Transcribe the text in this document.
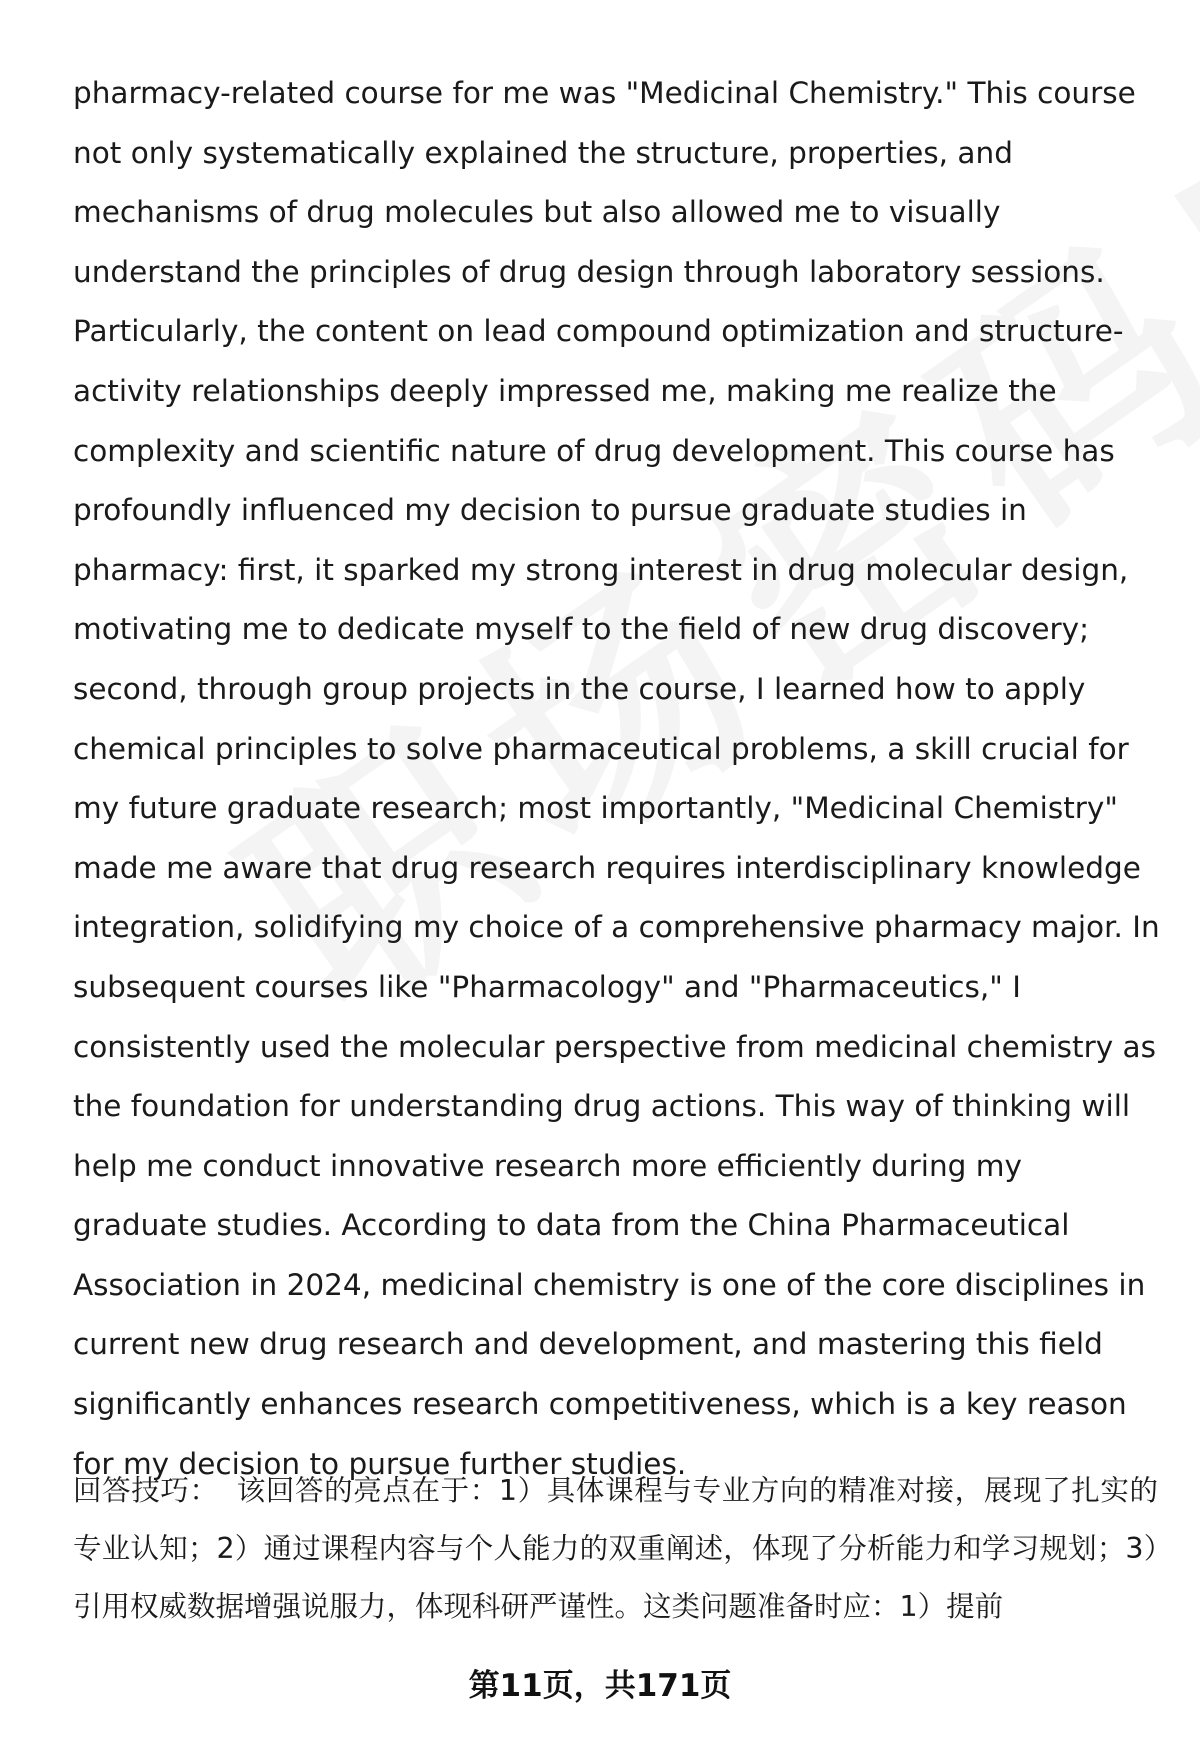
pharmacy-related course for me was "Medicinal Chemistry." This course not only systematically explained the structure, properties, and mechanisms of drug molecules but also allowed me to visually understand the principles of drug design through laboratory sessions. Particularly, the content on lead compound optimization and structure-activity relationships deeply impressed me, making me realize the complexity and scientific nature of drug development. This course has profoundly influenced my decision to pursue graduate studies in pharmacy: first, it sparked my strong interest in drug molecular design, motivating me to dedicate myself to the field of new drug discovery; second, through group projects in the course, I learned how to apply chemical principles to solve pharmaceutical problems, a skill crucial for my future graduate research; most importantly, "Medicinal Chemistry" made me aware that drug research requires interdisciplinary knowledge integration, solidifying my choice of a comprehensive pharmacy major. In subsequent courses like "Pharmacology" and "Pharmaceutics," I consistently used the molecular perspective from medicinal chemistry as the foundation for understanding drug actions. This way of thinking will help me conduct innovative research more efficiently during my graduate studies. According to data from the China Pharmaceutical Association in 2024, medicinal chemistry is one of the core disciplines in current new drug research and development, and mastering this field significantly enhances research competitiveness, which is a key reason for my decision to pursue further studies.

回答技巧： 该回答的亮点在于：1）具体课程与专业方向的精准对接，展现了扎实的专业认知；2）通过课程内容与个人能力的双重阐述，体现了分析能力和学习规划；3）引用权威数据增强说服力，体现科研严谨性。这类问题准备时应：1）提前

第11页，共171页
